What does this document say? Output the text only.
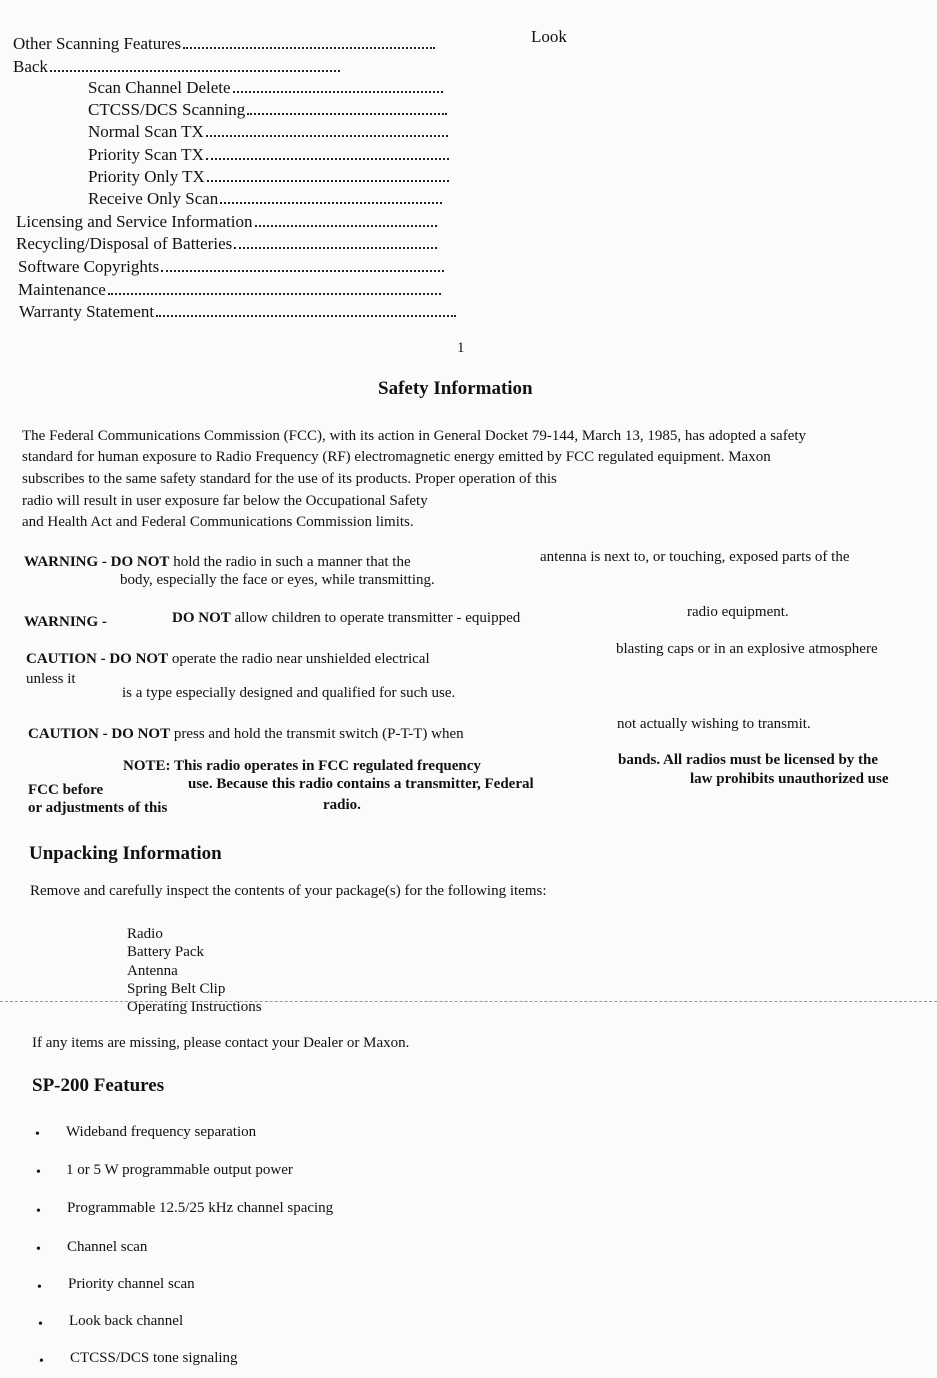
Look
Other Scanning Features
Back
Scan Channel Delete
CTCSS/DCS Scanning
Normal Scan TX
Priority Scan TX
Priority Only TX
Receive Only Scan
Licensing and Service Information
Recycling/Disposal of Batteries
Software Copyrights
Maintenance
Warranty Statement
1
Safety Information
The Federal Communications Commission (FCC), with its action in General Docket 79-144, March 13, 1985, has adopted a safety
standard for human exposure to Radio Frequency (RF) electromagnetic energy emitted by FCC regulated equipment. Maxon
subscribes to the same safety standard for the use of its products. Proper operation of this
radio will result in user exposure far below the Occupational Safety
and Health Act and Federal Communications Commission limits.
WARNING - DO NOT hold the radio in such a manner that the	antenna is next to, or touching, exposed parts of the
body, especially the face or eyes, while transmitting.
WARNING -	DO NOT allow children to operate transmitter - equipped	radio equipment.
CAUTION - DO NOT operate the radio near unshielded electrical
blasting caps or in an explosive atmosphere
unless it
is a type especially designed and qualified for such use.
CAUTION - DO NOT press and hold the transmit switch (P-T-T) when
not actually wishing to transmit.
NOTE: This radio operates in FCC regulated frequency	bands. All radios must be licensed by the
FCC before	use. Because this radio contains a transmitter, Federal	law prohibits unauthorized use
or adjustments of this	radio.
Unpacking Information
Remove and carefully inspect the contents of your package(s) for the following items:
Radio
Battery Pack
Antenna
Spring Belt Clip
Operating Instructions
If any items are missing, please contact your Dealer or Maxon.
SP-200 Features
• Wideband frequency separation
• 1 or 5 W programmable output power
• Programmable 12.5/25 kHz channel spacing
• Channel scan
• Priority channel scan
• Look back channel
• CTCSS/DCS tone signaling
